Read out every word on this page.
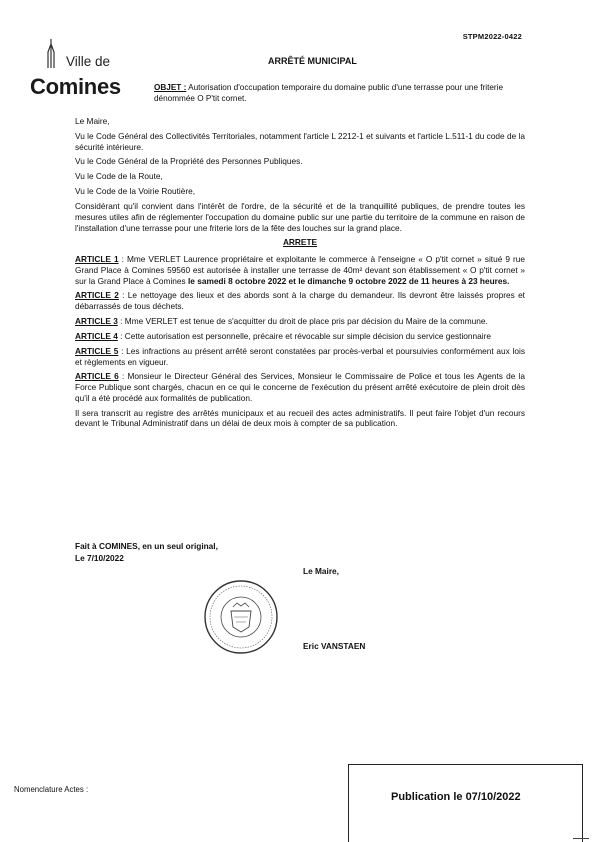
STPM2022-0422
Ville de
Comines
ARRÊTÉ MUNICIPAL
OBJET : Autorisation d'occupation temporaire du domaine public d'une terrasse pour une friterie dénommée O P'tit cornet.

Le Maire,

Vu le Code Général des Collectivités Territoriales, notamment l'article L 2212-1 et suivants et l'article L.511-1 du code de la sécurité intérieure.

Vu le Code Général de la Propriété des Personnes Publiques.

Vu le Code de la Route,

Vu le Code de la Voirie Routière,

Considérant qu'il convient dans l'intérêt de l'ordre, de la sécurité et de la tranquillité publiques, de prendre toutes les mesures utiles afin de réglementer l'occupation du domaine public sur une partie du territoire de la commune en raison de l'installation d'une terrasse pour une friterie lors de la fête des louches sur la grand place.

ARRETE

ARTICLE 1 : Mme VERLET Laurence propriétaire et exploitante le commerce à l'enseigne « O p'tit cornet » situé 9 rue Grand Place à Comines 59560 est autorisée à installer une terrasse de 40m² devant son établissement « O p'tit cornet » sur la Grand Place à Comines le samedi 8 octobre 2022 et le dimanche 9 octobre 2022 de 11 heures à 23 heures.

ARTICLE 2 : Le nettoyage des lieux et des abords sont à la charge du demandeur. Ils devront être laissés propres et débarrassés de tous déchets.

ARTICLE 3 : Mme VERLET est tenue de s'acquitter du droit de place pris par décision du Maire de la commune.

ARTICLE 4 : Cette autorisation est personnelle, précaire et révocable sur simple décision du service gestionnaire

ARTICLE 5 : Les infractions au présent arrêté seront constatées par procès-verbal et poursuivies conformément aux lois et règlements en vigueur.

ARTICLE 6 : Monsieur le Directeur Général des Services, Monsieur le Commissaire de Police et tous les Agents de la Force Publique sont chargés, chacun en ce qui le concerne de l'exécution du présent arrêté exécutoire de plein droit dès qu'il a été procédé aux formalités de publication.

Il sera transcrit au registre des arrêtés municipaux et au recueil des actes administratifs. Il peut faire l'objet d'un recours devant le Tribunal Administratif dans un délai de deux mois à compter de sa publication.

Fait à COMINES, en un seul original,
Le 7/10/2022
Le Maire,
Eric VANSTAEN
Nomenclature Actes :
Publication le 07/10/2022
